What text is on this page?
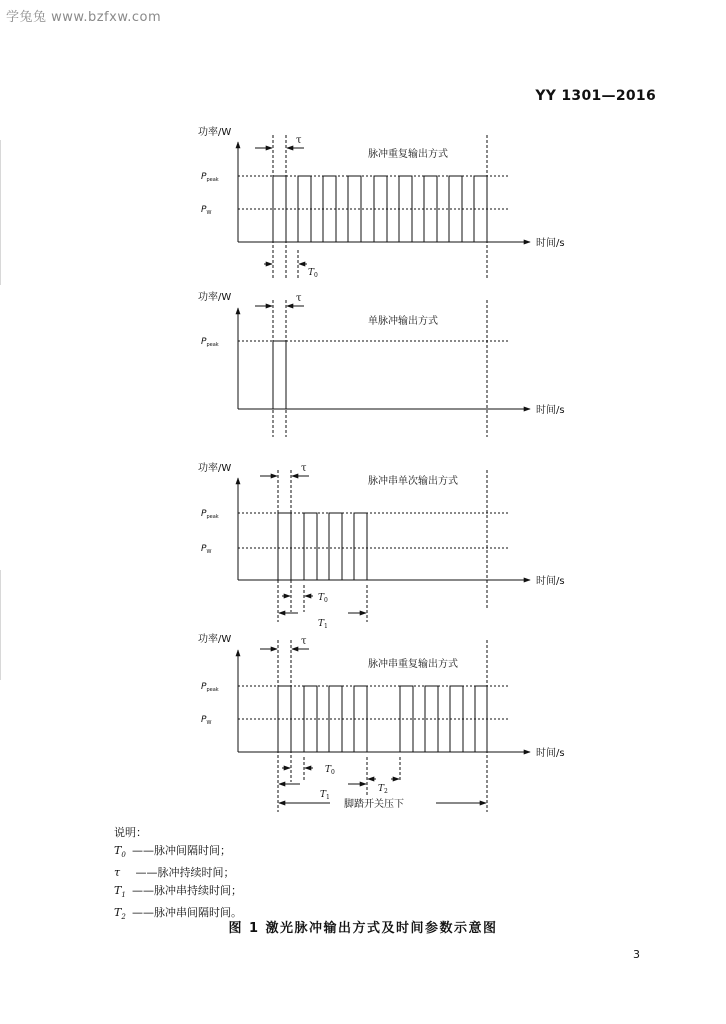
学兔兔 www.bzfxw.com
YY 1301—2016
功率/W
时间/s
$P_{peak}$
$P_W$
脉冲重复输出方式
τ
$T_0$
功率/W
时间/s
$P_{peak}$
单脉冲输出方式
τ
功率/W
时间/s
$P_{peak}$
$P_W$
脉冲串单次输出方式
τ
$T_0$
$T_1$
功率/W
时间/s
$P_{peak}$
$P_W$
脉冲串重复输出方式
τ
$T_0$
$T_2$
$T_1$
脚踏开关压下
说明：
$T_0$ ——脉冲间隔时间；
τ ——脉冲持续时间；
$T_1$ ——脉冲串持续时间；
$T_2$ ——脉冲串间隔时间。
图 1 激光脉冲输出方式及时间参数示意图
3
